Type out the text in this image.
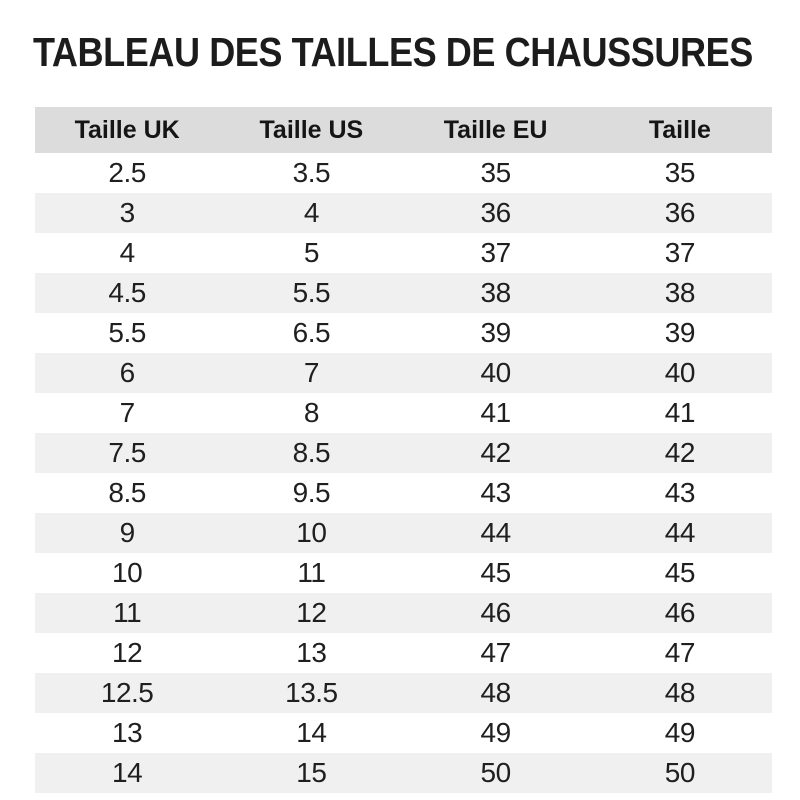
TABLEAU DES TAILLES DE CHAUSSURES
Taille UK	Taille US	Taille EU	Taille
2.5	3.5	35	35
3	4	36	36
4	5	37	37
4.5	5.5	38	38
5.5	6.5	39	39
6	7	40	40
7	8	41	41
7.5	8.5	42	42
8.5	9.5	43	43
9	10	44	44
10	11	45	45
11	12	46	46
12	13	47	47
12.5	13.5	48	48
13	14	49	49
14	15	50	50
